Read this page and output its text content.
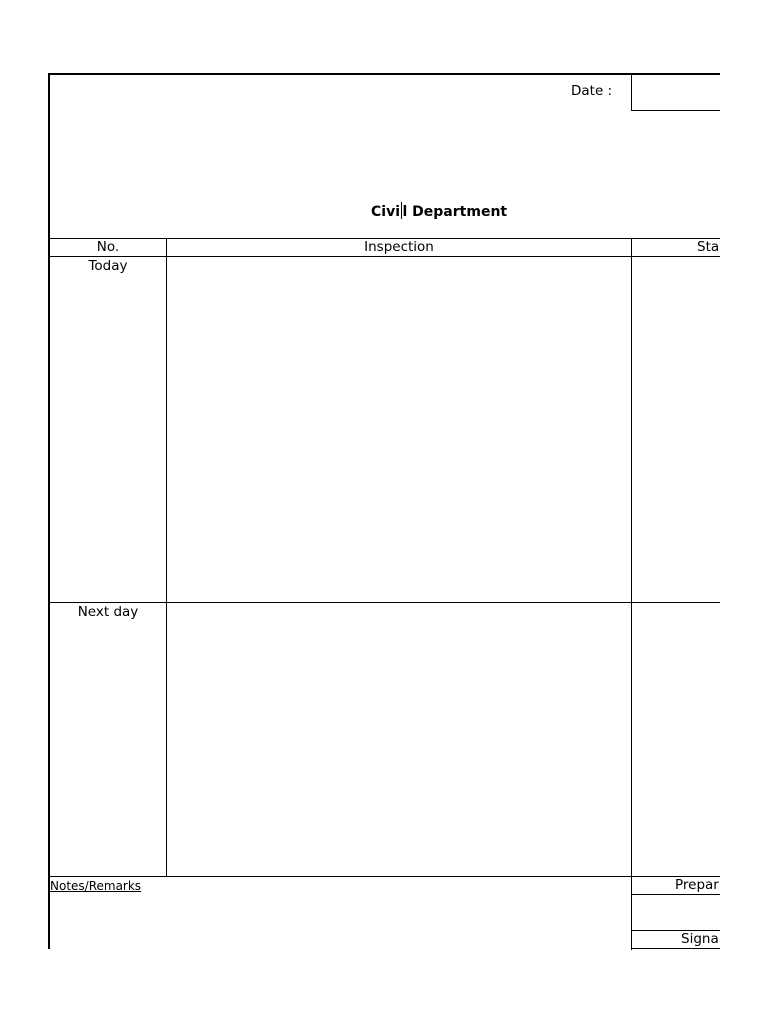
Date :
Civi l Department
No.	Inspection	Sta
Today
Next day
Notes/Remarks	Prepar
Signa
